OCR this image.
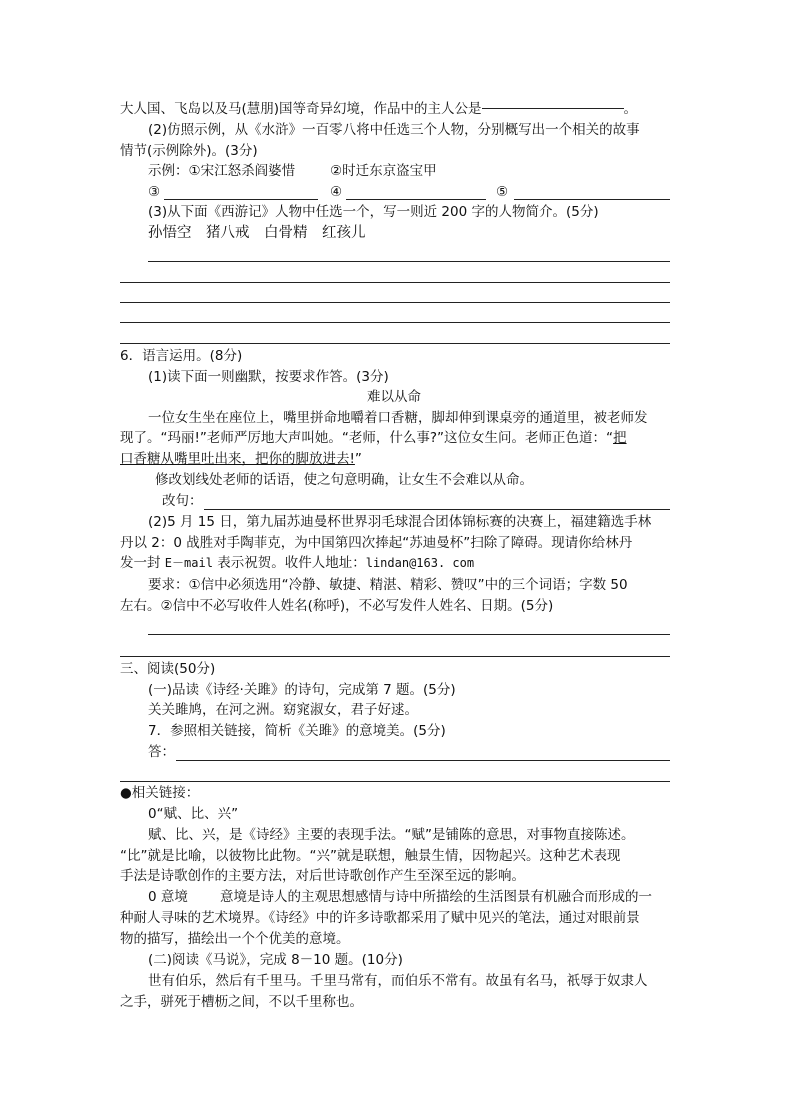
大人国、飞岛以及马(慧朋)国等奇异幻境，作品中的主人公是	。
(2)仿照示例，从《水浒》一百零八将中任选三个人物，分别概写出一个相关的故事
情节(示例除外)。(3分)
示例：①宋江怒杀阎婆惜	②时迁东京盗宝甲
③	④	⑤
(3)从下面《西游记》人物中任选一个，写一则近 200 字的人物简介。(5分)
孙悟空　猪八戒　白骨精　红孩儿
6．语言运用。(8分)
(1)读下面一则幽默，按要求作答。(3分)
难以从命
一位女生坐在座位上，嘴里拼命地嚼着口香糖，脚却伸到课桌旁的通道里，被老师发
现了。“玛丽!”老师严厉地大声叫她。“老师，什么事?”这位女生问。老师正色道：“把
口香糖从嘴里吐出来，把你的脚放进去!”
修改划线处老师的话语，使之句意明确，让女生不会难以从命。
改句：
(2)5 月 15 日，第九届苏迪曼杯世界羽毛球混合团体锦标赛的决赛上，福建籍选手林
丹以 2：0 战胜对手陶菲克，为中国第四次捧起“苏迪曼杯”扫除了障碍。现请你给林丹
发一封 E－mail 表示祝贺。收件人地址：lindan@163. com
要求：①信中必须选用“冷静、敏捷、精湛、精彩、赞叹”中的三个词语；字数 50
左右。②信中不必写收件人姓名(称呼)，不必写发件人姓名、日期。(5分)
三、阅读(50分)
(一)品读《诗经·关雎》的诗句，完成第 7 题。(5分)
关关雎鸠，在河之洲。窈窕淑女，君子好逑。
7．参照相关链接，简析《关雎》的意境美。(5分)
答：
●相关链接：
0“赋、比、兴”
赋、比、兴，是《诗经》主要的表现手法。“赋”是铺陈的意思，对事物直接陈述。
“比”就是比喻，以彼物比此物。“兴”就是联想，触景生情，因物起兴。这种艺术表现
手法是诗歌创作的主要方法，对后世诗歌创作产生至深至远的影响。
0 意境 意境是诗人的主观思想感情与诗中所描绘的生活图景有机融合而形成的一
种耐人寻味的艺术境界。《诗经》中的许多诗歌都采用了赋中见兴的笔法，通过对眼前景
物的描写，描绘出一个个优美的意境。
(二)阅读《马说》，完成 8－10 题。(10分)
世有伯乐，然后有千里马。千里马常有，而伯乐不常有。故虽有名马，祇辱于奴隶人
之手，骈死于槽枥之间，不以千里称也。
